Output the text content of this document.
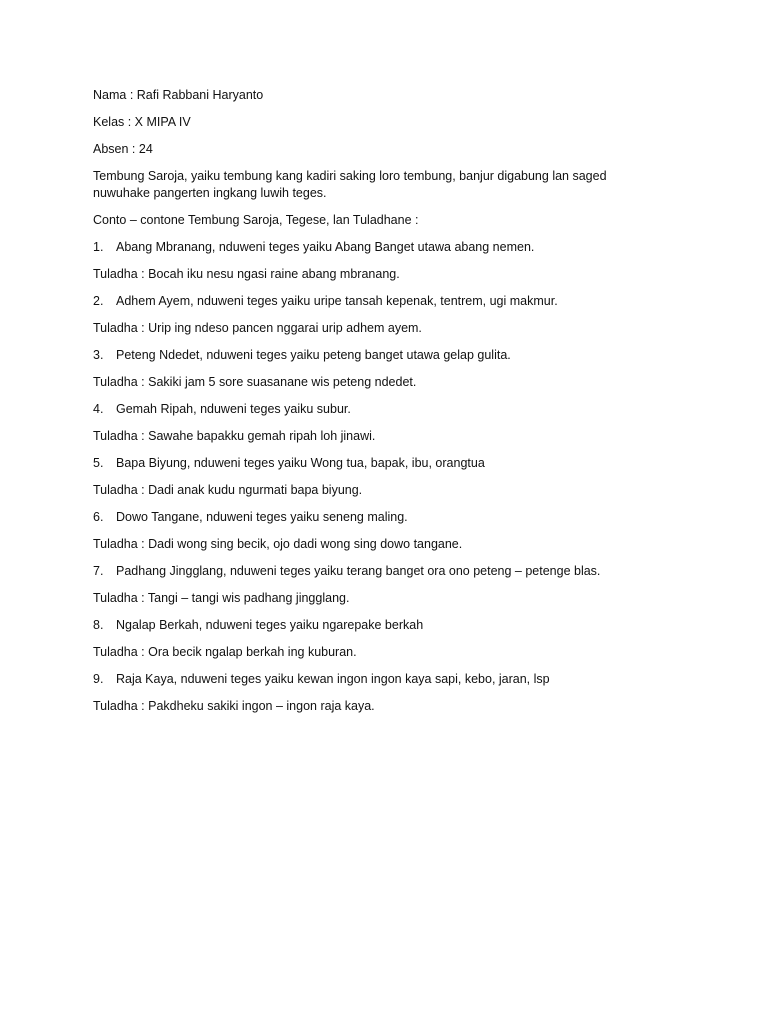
Nama : Rafi Rabbani Haryanto
Kelas : X MIPA IV
Absen : 24
Tembung Saroja, yaiku tembung kang kadiri saking loro tembung, banjur digabung lan saged nuwuhake pangerten ingkang luwih teges.
Conto – contone Tembung Saroja, Tegese, lan Tuladhane :
1.	Abang Mbranang, nduweni teges yaiku Abang Banget utawa abang nemen.
Tuladha : Bocah iku nesu ngasi raine abang mbranang.
2.	Adhem Ayem, nduweni teges yaiku uripe tansah kepenak, tentrem, ugi makmur.
Tuladha : Urip ing ndeso pancen nggarai urip adhem ayem.
3.	Peteng Ndedet, nduweni teges yaiku peteng banget utawa gelap gulita.
Tuladha : Sakiki jam 5 sore suasanane wis peteng ndedet.
4.	Gemah Ripah, nduweni teges yaiku subur.
Tuladha : Sawahe bapakku gemah ripah loh jinawi.
5.	Bapa Biyung, nduweni teges yaiku Wong tua, bapak, ibu, orangtua
Tuladha : Dadi anak kudu ngurmati bapa biyung.
6.	Dowo Tangane, nduweni teges yaiku seneng maling.
Tuladha : Dadi wong sing becik, ojo dadi wong sing dowo tangane.
7.	Padhang Jingglang, nduweni teges yaiku terang banget ora ono peteng – petenge blas.
Tuladha : Tangi – tangi wis padhang jingglang.
8.	Ngalap Berkah, nduweni teges yaiku ngarepake berkah
Tuladha : Ora becik ngalap berkah ing kuburan.
9.	Raja Kaya, nduweni teges yaiku kewan ingon ingon kaya sapi, kebo, jaran, lsp
Tuladha : Pakdheku sakiki ingon – ingon raja kaya.
